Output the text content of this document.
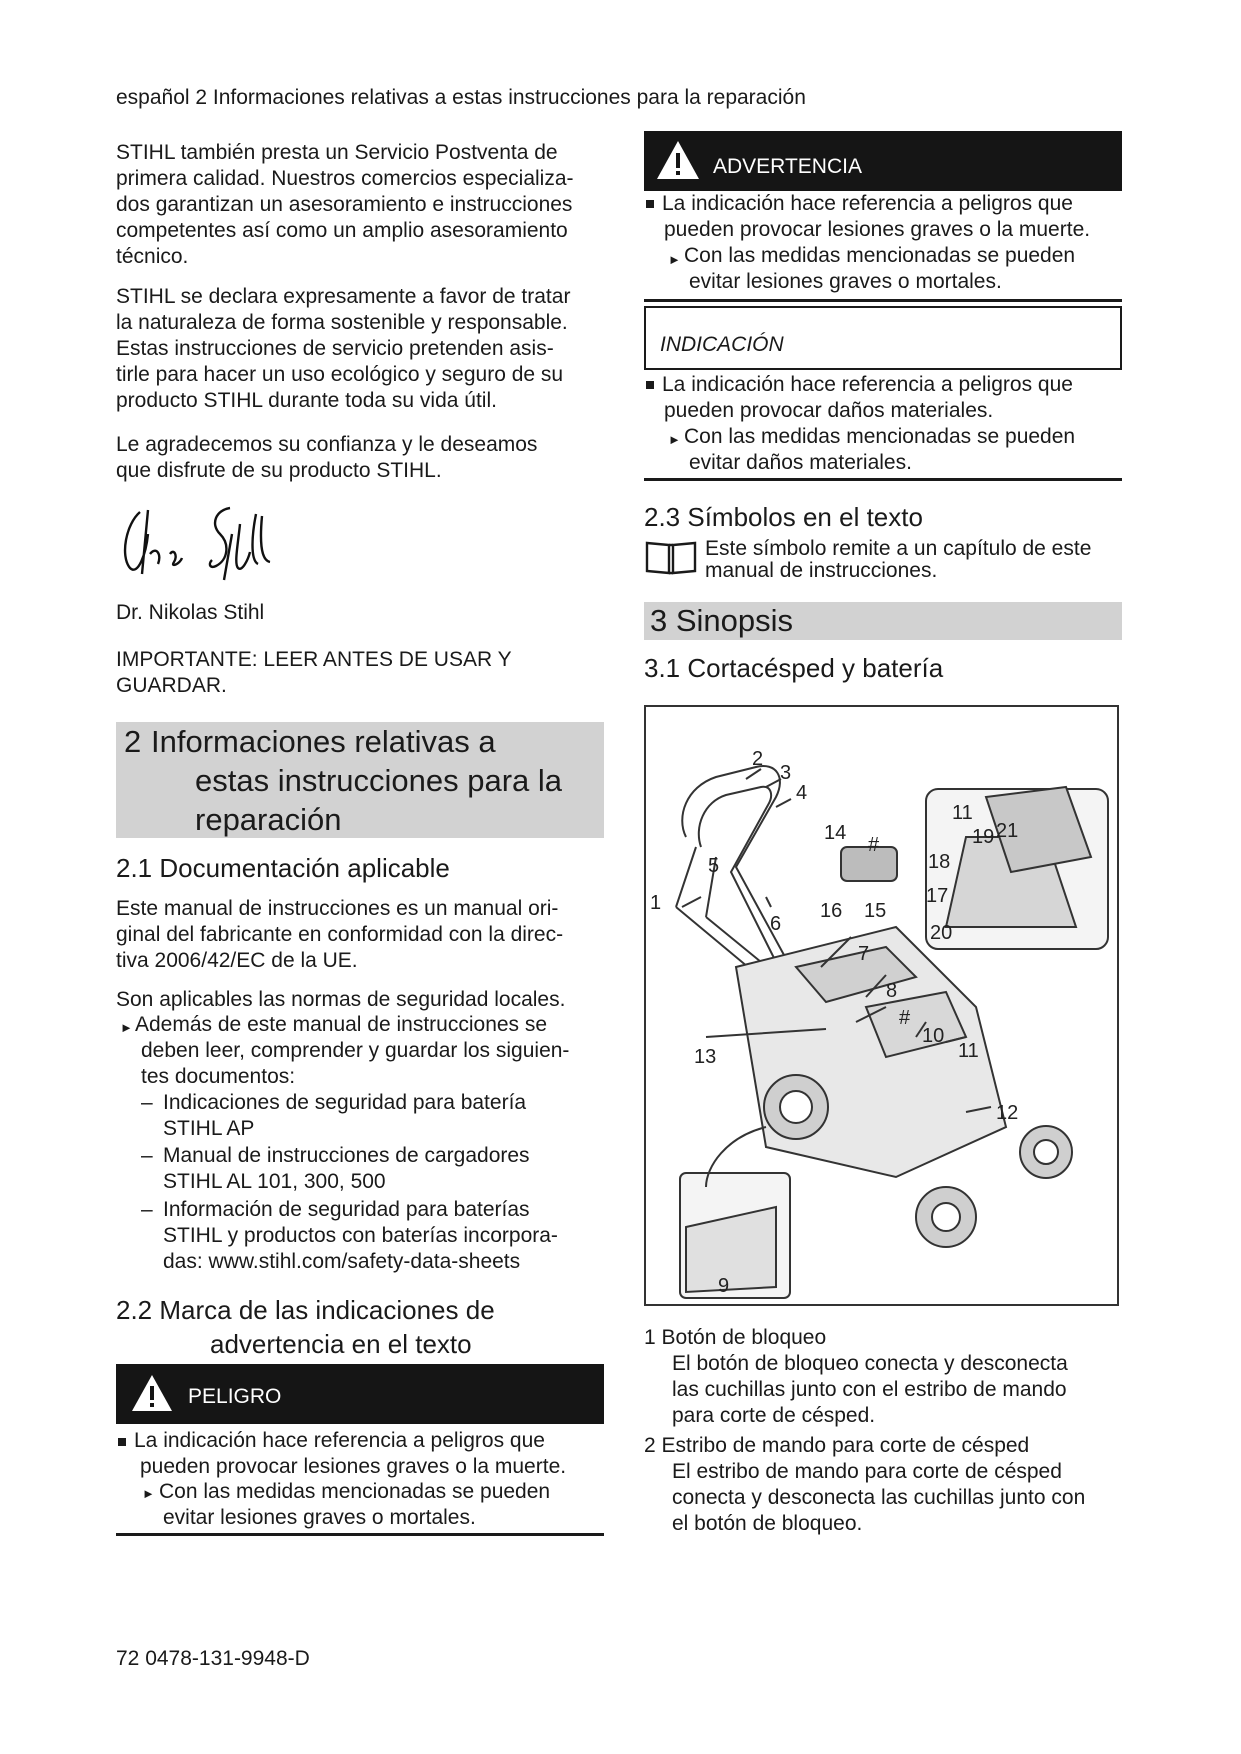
español 2 Informaciones relativas a estas instrucciones para la reparación

STIHL también presta un Servicio Postventa de

primera calidad. Nuestros comercios especializa-

dos garantizan un asesoramiento e instrucciones

competentes así como un amplio asesoramiento

técnico.

STIHL se declara expresamente a favor de tratar

la naturaleza de forma sostenible y responsable.

Estas instrucciones de servicio pretenden asis-

tirle para hacer un uso ecológico y seguro de su

producto STIHL durante toda su vida útil.

Le agradecemos su confianza y le deseamos

que disfrute de su producto STIHL.

Dr. Nikolas Stihl

IMPORTANTE: LEER ANTES DE USAR Y

GUARDAR.

2 Informaciones relativas a
estas instrucciones para la
reparación
2.1 Documentación aplicable

Este manual de instrucciones es un manual ori-

ginal del fabricante en conformidad con la direc-

tiva 2006/42/EC de la UE.

Son aplicables las normas de seguridad locales.
► Además de este manual de instrucciones se

deben leer, comprender y guardar los siguien-

tes documentos:

– Indicaciones de seguridad para batería

STIHL AP

– Manual de instrucciones de cargadores

STIHL AL 101, 300, 500

– Información de seguridad para baterías

STIHL y productos con baterías incorpora-

das: www.stihl.com/safety-data-sheets

2.2 Marca de las indicaciones de
advertencia en el texto
PELIGRO

La indicación hace referencia a peligros que

pueden provocar lesiones graves o la muerte.

► Con las medidas mencionadas se pueden

evitar lesiones graves o mortales.

ADVERTENCIA

La indicación hace referencia a peligros que

pueden provocar lesiones graves o la muerte.

► Con las medidas mencionadas se pueden

evitar lesiones graves o mortales.

INDICACIÓN

La indicación hace referencia a peligros que

pueden provocar daños materiales.

► Con las medidas mencionadas se pueden

evitar daños materiales.

2.3 Símbolos en el texto

Este símbolo remite a un capítulo de este

manual de instrucciones.

3 Sinopsis
3.1 Cortacésped y batería
2
3
4
5
1
6
7
8
#
10
11
13
12
9
14
#
16 15
11
19 21
18
17
20

1 Botón de bloqueo

El botón de bloqueo conecta y desconecta

las cuchillas junto con el estribo de mando

para corte de césped.

2 Estribo de mando para corte de césped

El estribo de mando para corte de césped

conecta y desconecta las cuchillas junto con

el botón de bloqueo.

72 0478-131-9948-D
